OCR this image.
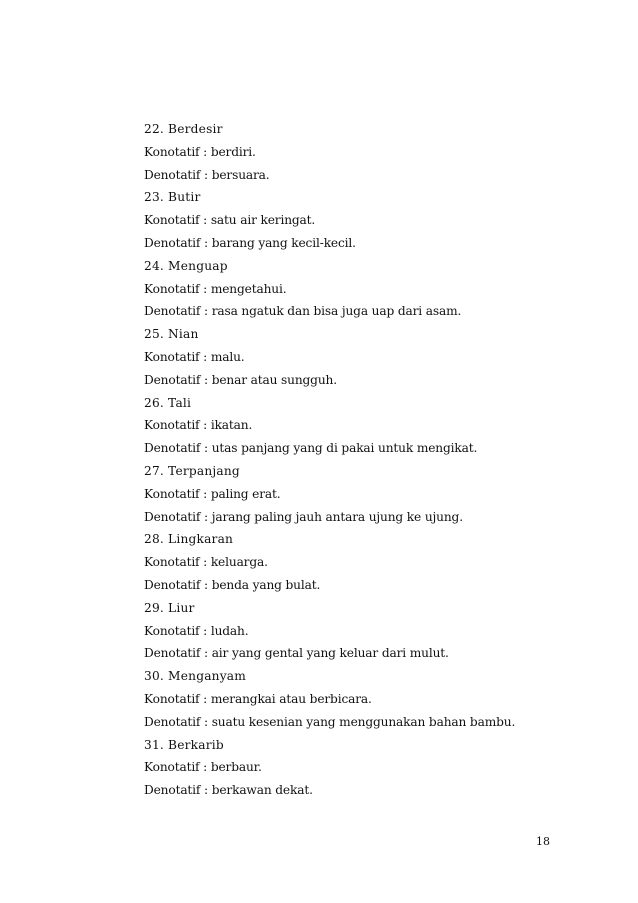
22. Berdesir
Konotatif : berdiri.
Denotatif : bersuara.
23. Butir
Konotatif : satu air keringat.
Denotatif : barang yang kecil-kecil.
24. Menguap
Konotatif : mengetahui.
Denotatif : rasa ngatuk dan bisa juga uap dari asam.
25. Nian
Konotatif : malu.
Denotatif : benar atau sungguh.
26. Tali
Konotatif : ikatan.
Denotatif : utas panjang yang di pakai untuk mengikat.
27. Terpanjang
Konotatif : paling erat.
Denotatif : jarang paling jauh antara ujung ke ujung.
28. Lingkaran
Konotatif : keluarga.
Denotatif : benda yang bulat.
29. Liur
Konotatif : ludah.
Denotatif : air yang gental yang keluar dari mulut.
30. Menganyam
Konotatif : merangkai atau berbicara.
Denotatif : suatu kesenian yang menggunakan bahan bambu.
31. Berkarib
Konotatif : berbaur.
Denotatif : berkawan dekat.
18
